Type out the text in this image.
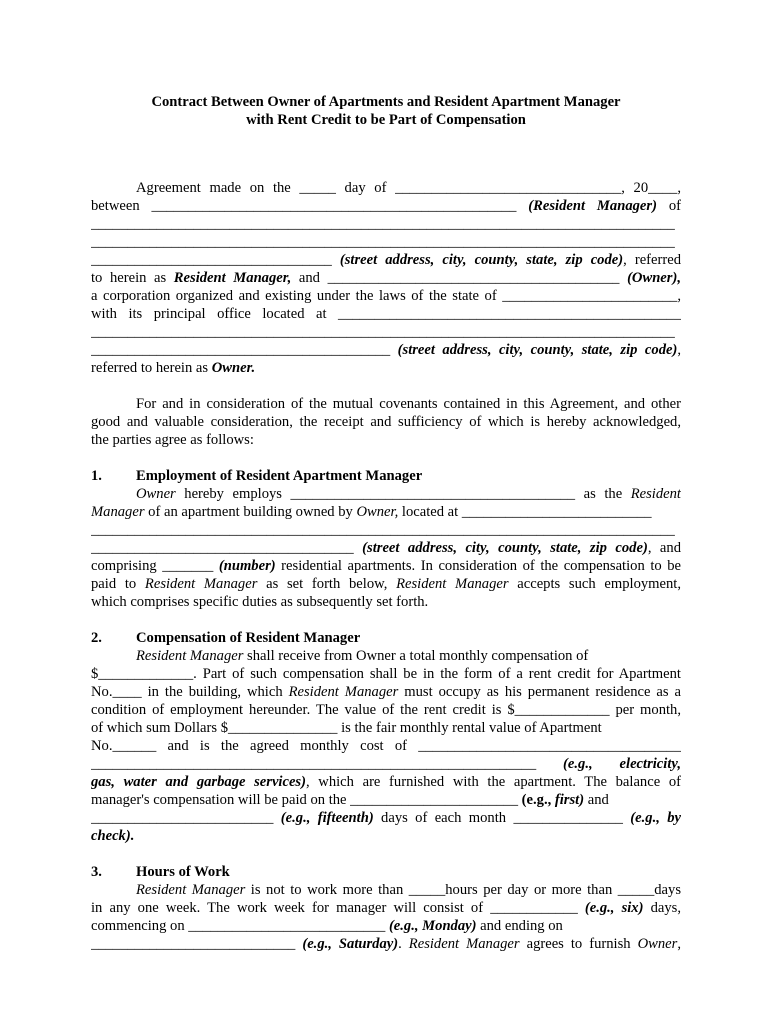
Contract Between Owner of Apartments and Resident Apartment Manager
with Rent Credit to be Part of Compensation
Agreement made on the _____ day of _______________________________, 20____,
between __________________________________________________ (Resident Manager) of
________________________________________________________________________________
________________________________________________________________________________
_________________________________ (street address, city, county, state, zip code), referred
to herein as Resident Manager, and ________________________________________ (Owner),
a corporation organized and existing under the laws of the state of ________________________,
with its principal office located at _______________________________________________
________________________________________________________________________________
_________________________________________ (street address, city, county, state, zip code),
referred to herein as Owner.
For and in consideration of the mutual covenants contained in this Agreement, and other
good and valuable consideration, the receipt and sufficiency of which is hereby acknowledged,
the parties agree as follows:
1. Employment of Resident Apartment Manager
Owner hereby employs _______________________________________ as the Resident
Manager of an apartment building owned by Owner, located at __________________________
________________________________________________________________________________
____________________________________ (street address, city, county, state, zip code), and
comprising _______ (number) residential apartments. In consideration of the compensation to be
paid to Resident Manager as set forth below, Resident Manager accepts such employment,
which comprises specific duties as subsequently set forth.
2. Compensation of Resident Manager
Resident Manager shall receive from Owner a total monthly compensation of
$_____________. Part of such compensation shall be in the form of a rent credit for Apartment
No.____ in the building, which Resident Manager must occupy as his permanent residence as a
condition of employment hereunder. The value of the rent credit is $_____________ per month,
of which sum Dollars $_______________ is the fair monthly rental value of Apartment
No.______ and is the agreed monthly cost of ____________________________________
_____________________________________________________________ (e.g., electricity,
gas, water and garbage services), which are furnished with the apartment. The balance of
manager's compensation will be paid on the _______________________ (e.g., first) and
_________________________ (e.g., fifteenth) days of each month _______________ (e.g., by
check).
3. Hours of Work
Resident Manager is not to work more than _____hours per day or more than _____days
in any one week. The work week for manager will consist of ____________ (e.g., six) days,
commencing on ___________________________ (e.g., Monday) and ending on
____________________________ (e.g., Saturday). Resident Manager agrees to furnish Owner,
